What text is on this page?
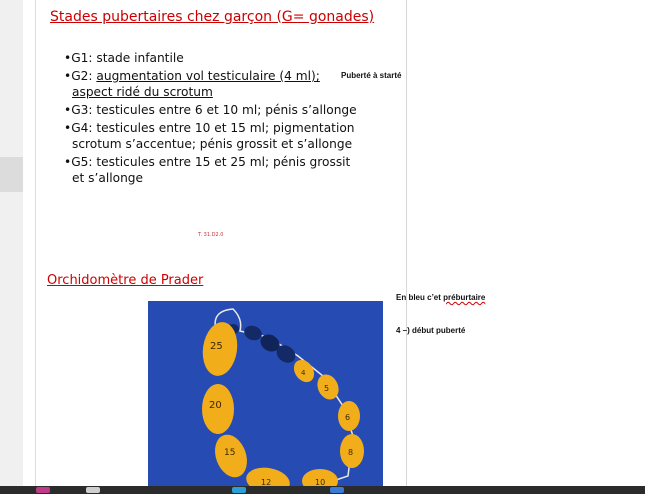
Stades pubertaires chez garçon (G= gonades)
•G1: stade infantile
•G2: augmentation vol testiculaire (4 ml);
aspect ridé du scrotum
•G3: testicules entre 6 et 10 ml; pénis s’allonge
•G4: testicules entre 10 et 15 ml; pigmentation
scrotum s’accentue; pénis grossit et s’allonge
•G5: testicules entre 15 et 25 ml; pénis grossit
et s’allonge
T. 31.D2.0
Orchidomètre de Prader
25
20
15
12	10
8
6
5
4
Puberté à starté
En bleu c’et préburtaire
4 –) début puberté
